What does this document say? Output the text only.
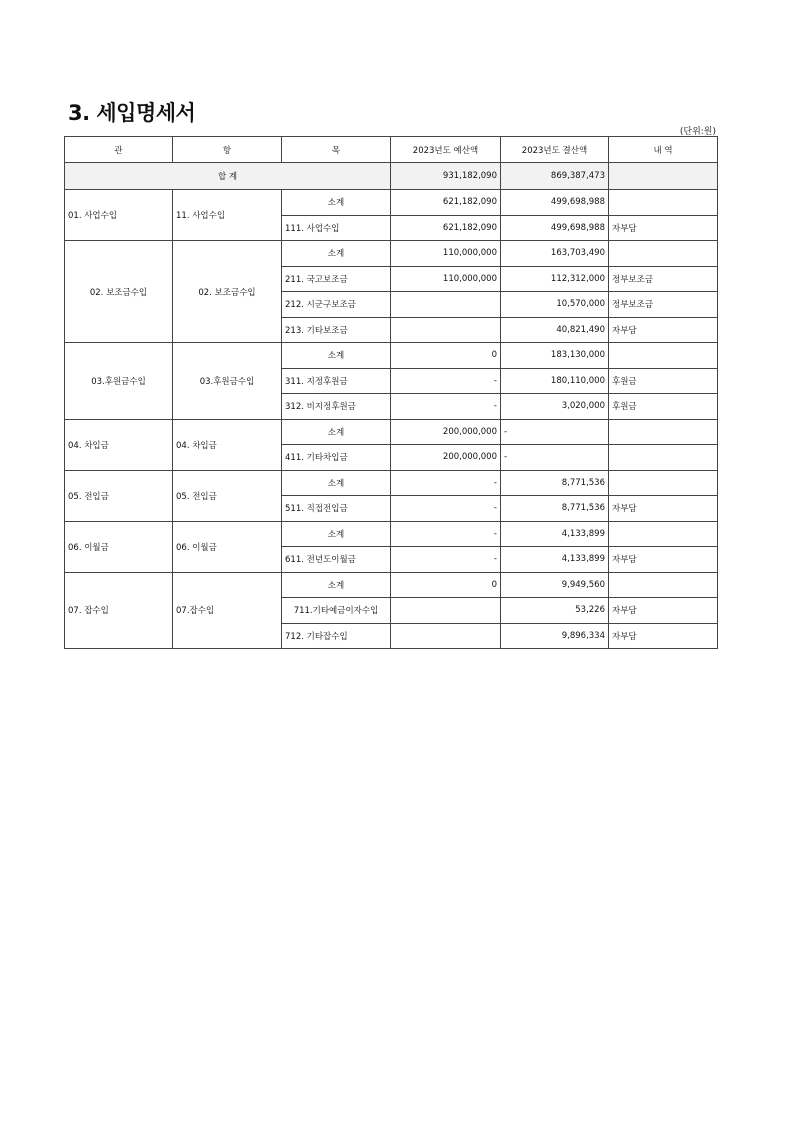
3. 세입명세서
(단위:원)
관	항	목	2023년도 예산액	2023년도 결산액	내 역
합 계			931,182,090	869,387,473	
01. 사업수입	11. 사업수입	소계	621,182,090	499,698,988	
		111. 사업수입	621,182,090	499,698,988	자부담
02. 보조금수입	02. 보조금수입	소계	110,000,000	163,703,490	
		211. 국고보조금	110,000,000	112,312,000	정부보조금
		212. 시군구보조금		10,570,000	정부보조금
		213. 기타보조금		40,821,490	자부담
03.후원금수입	03.후원금수입	소계	0	183,130,000	
		311. 지정후원금	-	180,110,000	후원금
		312. 비지정후원금	-	3,020,000	후원금
04. 차입금	04. 차입금	소계	200,000,000	-	
		411. 기타차입금	200,000,000	-	
05. 전입금	05. 전입금	소계	-	8,771,536	
		511. 직접전입금	-	8,771,536	자부담
06. 이월금	06. 이월금	소계	-	4,133,899	
		611. 전년도이월금	-	4,133,899	자부담
07. 잡수입	07.잡수입	소계	0	9,949,560	
		711.기타예금이자수입		53,226	자부담
		712. 기타잡수입		9,896,334	자부담
